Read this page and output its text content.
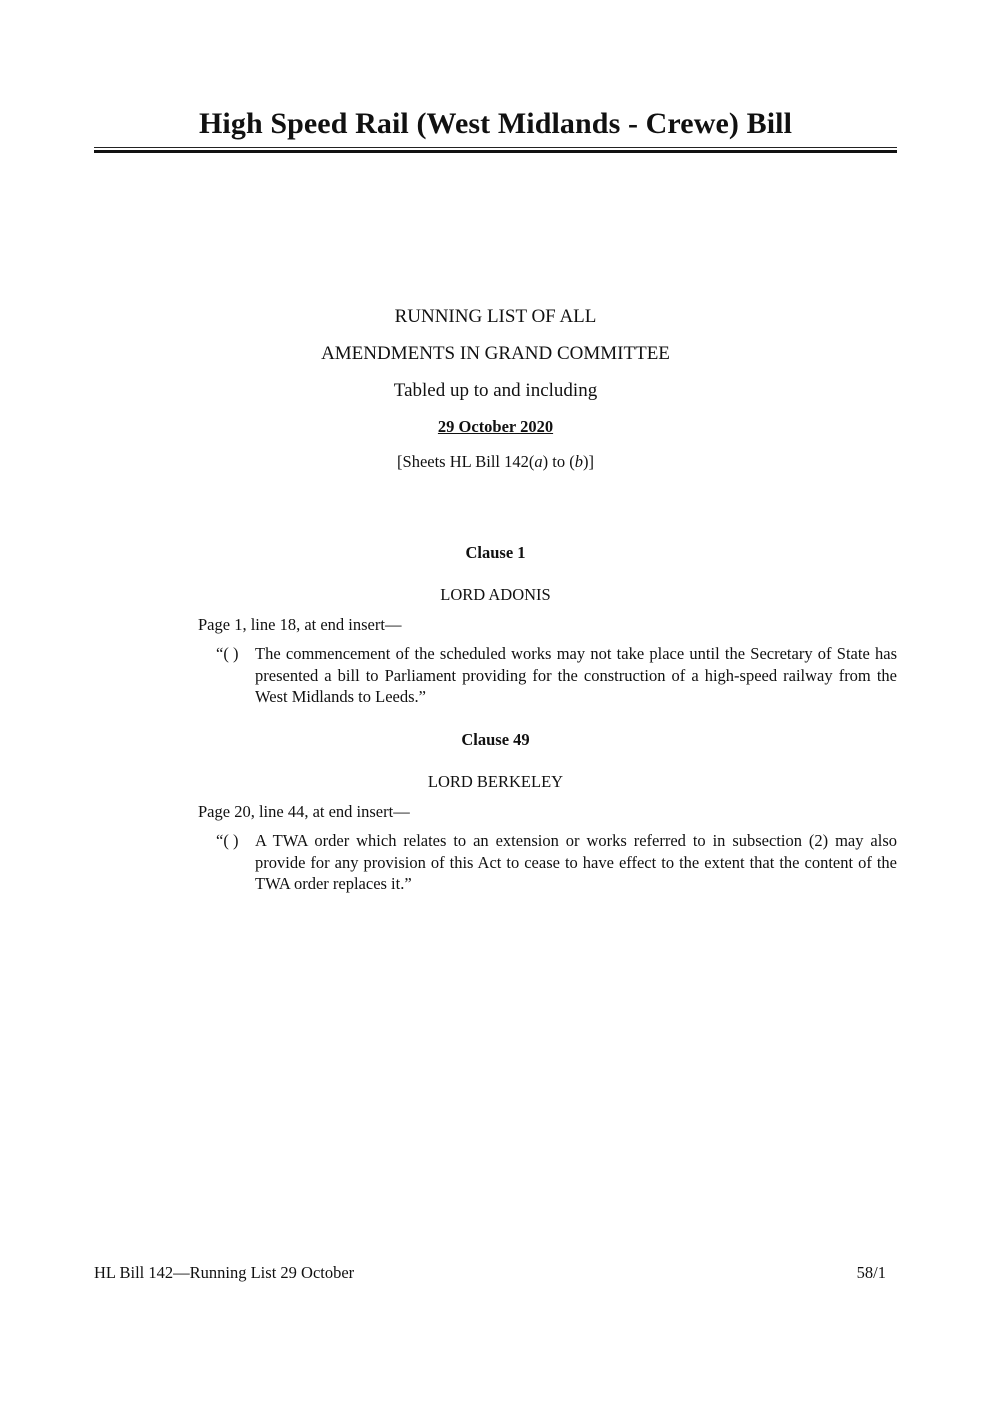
High Speed Rail (West Midlands - Crewe) Bill
RUNNING LIST OF ALL
AMENDMENTS IN GRAND COMMITTEE
Tabled up to and including
29 October 2020
[Sheets HL Bill 142(a) to (b)]
Clause 1
LORD ADONIS
Page 1, line 18, at end insert—
“( ) The commencement of the scheduled works may not take place until the Secretary of State has presented a bill to Parliament providing for the construction of a high-speed railway from the West Midlands to Leeds.”
Clause 49
LORD BERKELEY
Page 20, line 44, at end insert—
“( ) A TWA order which relates to an extension or works referred to in subsection (2) may also provide for any provision of this Act to cease to have effect to the extent that the content of the TWA order replaces it.”
HL Bill 142—Running List 29 October	58/1
